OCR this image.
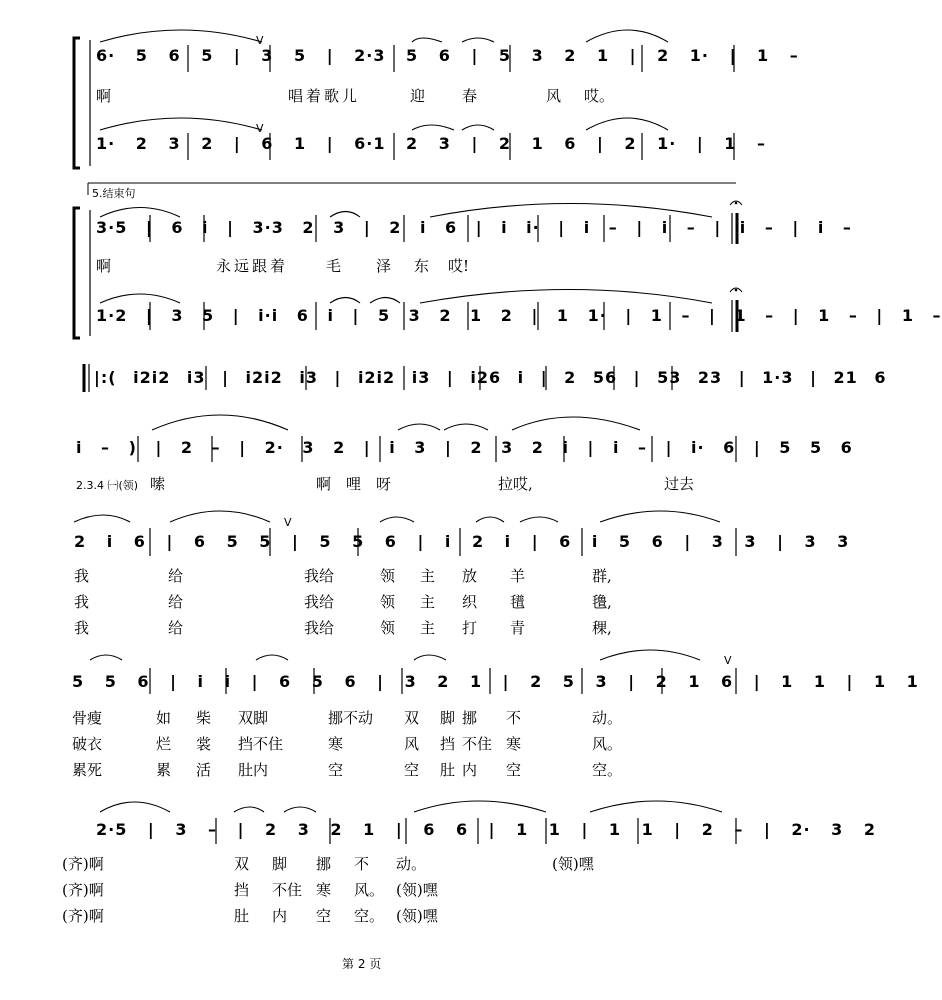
V
V
V
V
6· 5 6 5 | 3 5 | 2·3 5 6 | 5 3 2 1 | 2 1· | 1 –
啊	唱着歌儿	迎 春	风 哎。
1· 2 3 2 | 6 1 | 6·1 2 3 | 2 1 6 | 2 1· | 1 –
5.结束句
3·5 | 6 i | 3·3 2 3 | 2 i 6 | i i· | i – | i – | i – | i –
啊	永远跟着	毛 泽 东 哎!
1·2 | 3 5 | i·i 6 i | 5 3 2 1 2 | 1 1· | 1 – | 1 – | 1 – | 1 –
|:( i2i2 i3 | i2i2 i3 | i2i2 i3 | i26 i | 2 56 | 53 23 | 1·3 | 21 6
i – ) | 2 – | 2· 3 2 | i 3 | 2 3 2 i | i – | i· 6 | 5 5 6
2.3.4 ㈠(领) 嗦	啊 哩 呀	拉哎,	过去
2 i 6 | 6 5 5 | 5 5 6 | i 2 i | 6 i 5 6 | 3 3 | 3 3
5 5 6 | i i | 6 5 6 | 3 2 1 | 2 5 3 | 2 1 6 | 1 1 | 1 1
2·5 | 3 – | 2 3 2 1 | 6 6 | 1 1 | 1 1 | 2 – | 2· 3 2
第 2 页
我	给	我给	领 主 放 羊	群,
我	给	我给	领 主 织 氆	氇,
我	给	我给	领 主 打 青	稞,
骨瘦	如 柴 双脚	挪不动 双 脚 挪 不	动。
破衣	烂 裳 挡不住	寒	风 挡 不住 寒	风。
累死	累 活 肚内	空	空 肚 内 空	空。
(齐)啊	双 脚 挪 不 动。	(领)嘿
(齐)啊	挡 不住 寒 风。 (领)嘿
(齐)啊	肚 内 空 空。 (领)嘿
